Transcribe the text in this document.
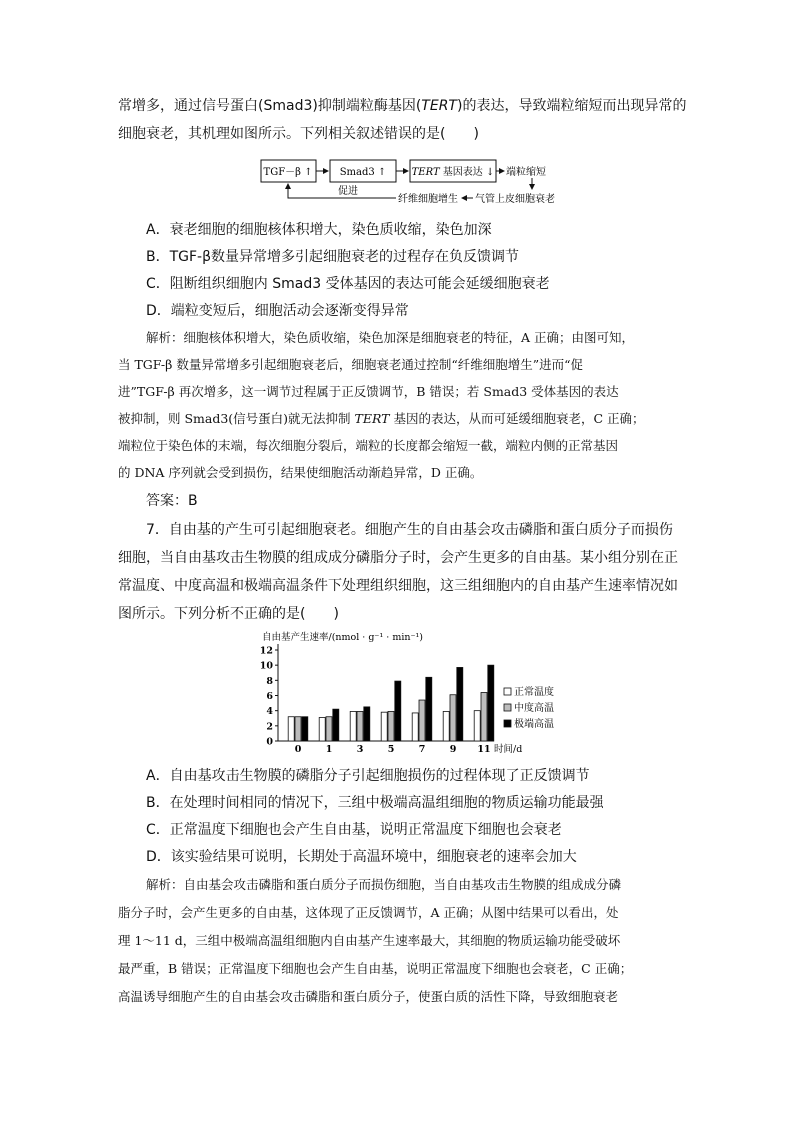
常增多，通过信号蛋白(Smad3)抑制端粒酶基因(TERT)的表达，导致端粒缩短而出现异常的
细胞衰老，其机理如图所示。下列相关叙述错误的是(　　)
TGF－β ↑	Smad3 ↑	TERT 基因表达 ↓ 端粒缩短
气管上皮细胞衰老
纤维细胞增生
促进
A．衰老细胞的细胞核体积增大，染色质收缩，染色加深
B．TGF-β数量异常增多引起细胞衰老的过程存在负反馈调节
C．阻断组织细胞内 Smad3 受体基因的表达可能会延缓细胞衰老
D．端粒变短后，细胞活动会逐渐变得异常
解析：细胞核体积增大，染色质收缩，染色加深是细胞衰老的特征，A 正确；由图可知，
当 TGF-β 数量异常增多引起细胞衰老后，细胞衰老通过控制“纤维细胞增生”进而“促
进”TGF-β 再次增多，这一调节过程属于正反馈调节，B 错误；若 Smad3 受体基因的表达
被抑制，则 Smad3(信号蛋白)就无法抑制 TERT 基因的表达，从而可延缓细胞衰老，C 正确；
端粒位于染色体的末端，每次细胞分裂后，端粒的长度都会缩短一截，端粒内侧的正常基因
的 DNA 序列就会受到损伤，结果使细胞活动渐趋异常，D 正确。
答案：B
7．自由基的产生可引起细胞衰老。细胞产生的自由基会攻击磷脂和蛋白质分子而损伤
细胞，当自由基攻击生物膜的组成成分磷脂分子时，会产生更多的自由基。某小组分别在正
常温度、中度高温和极端高温条件下处理组织细胞，这三组细胞内的自由基产生速率情况如
图所示。下列分析不正确的是(　　)
自由基产生速率/(nmol · g⁻¹ · min⁻¹)
0
2
4
6
8
10
12
0	1	3	5	7	9 11
正常温度
中度高温
极端高温
时间/d
A．自由基攻击生物膜的磷脂分子引起细胞损伤的过程体现了正反馈调节
B．在处理时间相同的情况下，三组中极端高温组细胞的物质运输功能最强
C．正常温度下细胞也会产生自由基，说明正常温度下细胞也会衰老
D．该实验结果可说明，长期处于高温环境中，细胞衰老的速率会加大
解析：自由基会攻击磷脂和蛋白质分子而损伤细胞，当自由基攻击生物膜的组成成分磷
脂分子时，会产生更多的自由基，这体现了正反馈调节，A 正确；从图中结果可以看出，处
理 1～11 d，三组中极端高温组细胞内自由基产生速率最大，其细胞的物质运输功能受破坏
最严重，B 错误；正常温度下细胞也会产生自由基，说明正常温度下细胞也会衰老，C 正确；
高温诱导细胞产生的自由基会攻击磷脂和蛋白质分子，使蛋白质的活性下降，导致细胞衰老
